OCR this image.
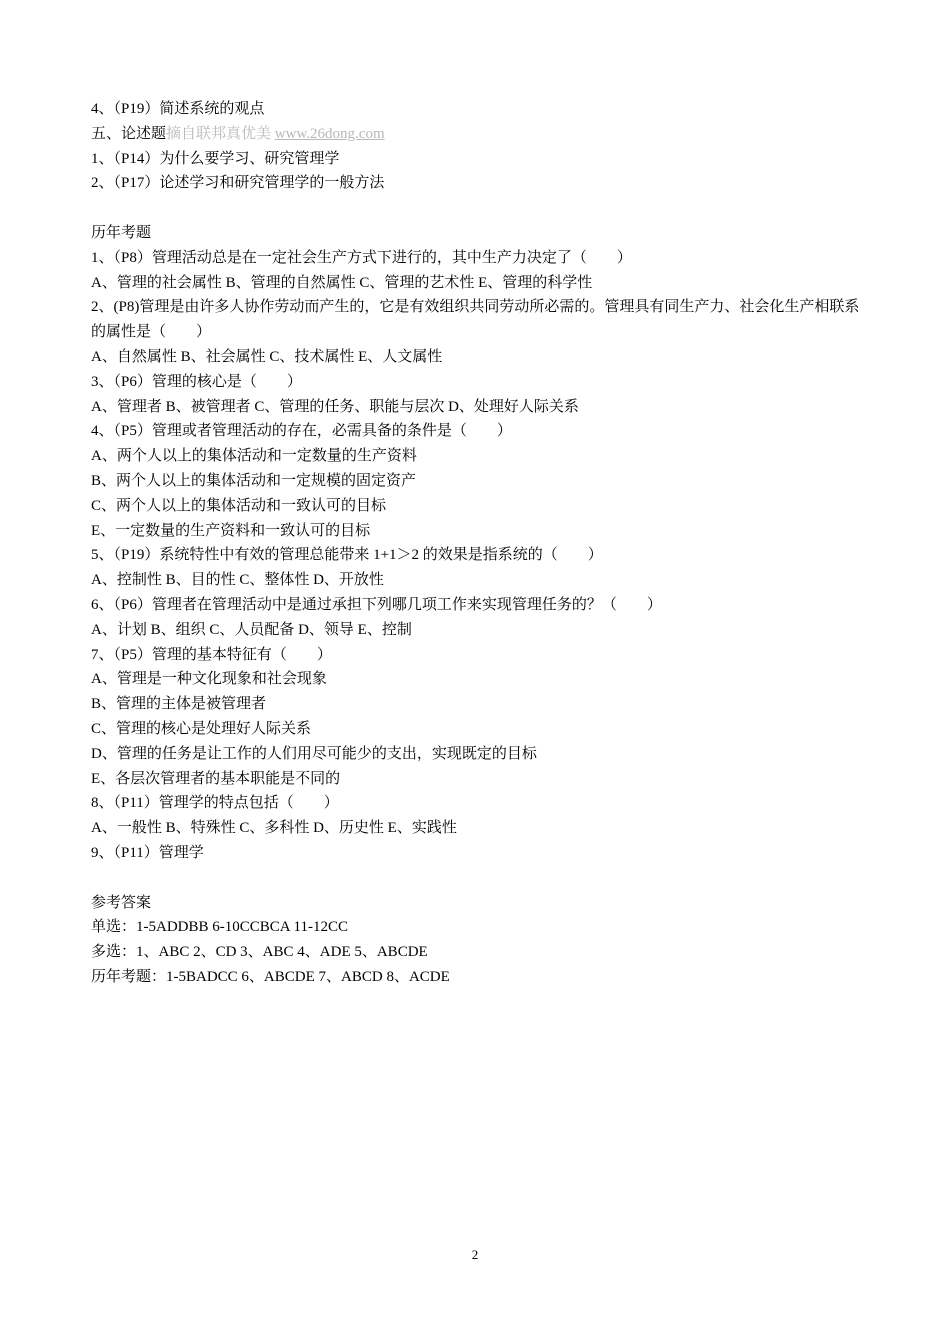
4、（P19）简述系统的观点
五、论述题摘自联邦真优美 www.26dong.com
1、（P14）为什么要学习、研究管理学
2、（P17）论述学习和研究管理学的一般方法
历年考题
1、（P8）管理活动总是在一定社会生产方式下进行的，其中生产力决定了（　　）
A、管理的社会属性 B、管理的自然属性 C、管理的艺术性 E、管理的科学性
2、(P8)管理是由许多人协作劳动而产生的，它是有效组织共同劳动所必需的。管理具有同生产力、社会化生产相联系的属性是（　　）
A、自然属性 B、社会属性 C、技术属性 E、人文属性
3、（P6）管理的核心是（　　）
A、管理者 B、被管理者 C、管理的任务、职能与层次 D、处理好人际关系
4、（P5）管理或者管理活动的存在，必需具备的条件是（　　）
A、两个人以上的集体活动和一定数量的生产资料
B、两个人以上的集体活动和一定规模的固定资产
C、两个人以上的集体活动和一致认可的目标
E、一定数量的生产资料和一致认可的目标
5、（P19）系统特性中有效的管理总能带来 1+1＞2 的效果是指系统的（　　）
A、控制性 B、目的性 C、整体性 D、开放性
6、（P6）管理者在管理活动中是通过承担下列哪几项工作来实现管理任务的？（　　）
A、计划 B、组织 C、人员配备 D、领导 E、控制
7、（P5）管理的基本特征有（　　）
A、管理是一种文化现象和社会现象
B、管理的主体是被管理者
C、管理的核心是处理好人际关系
D、管理的任务是让工作的人们用尽可能少的支出，实现既定的目标
E、各层次管理者的基本职能是不同的
8、（P11）管理学的特点包括（　　）
A、一般性 B、特殊性 C、多科性 D、历史性 E、实践性
9、（P11）管理学
参考答案
单选：1-5ADDBB 6-10CCBCA 11-12CC
多选：1、ABC 2、CD 3、ABC 4、ADE 5、ABCDE
历年考题：1-5BADCC 6、ABCDE 7、ABCD 8、ACDE
2
